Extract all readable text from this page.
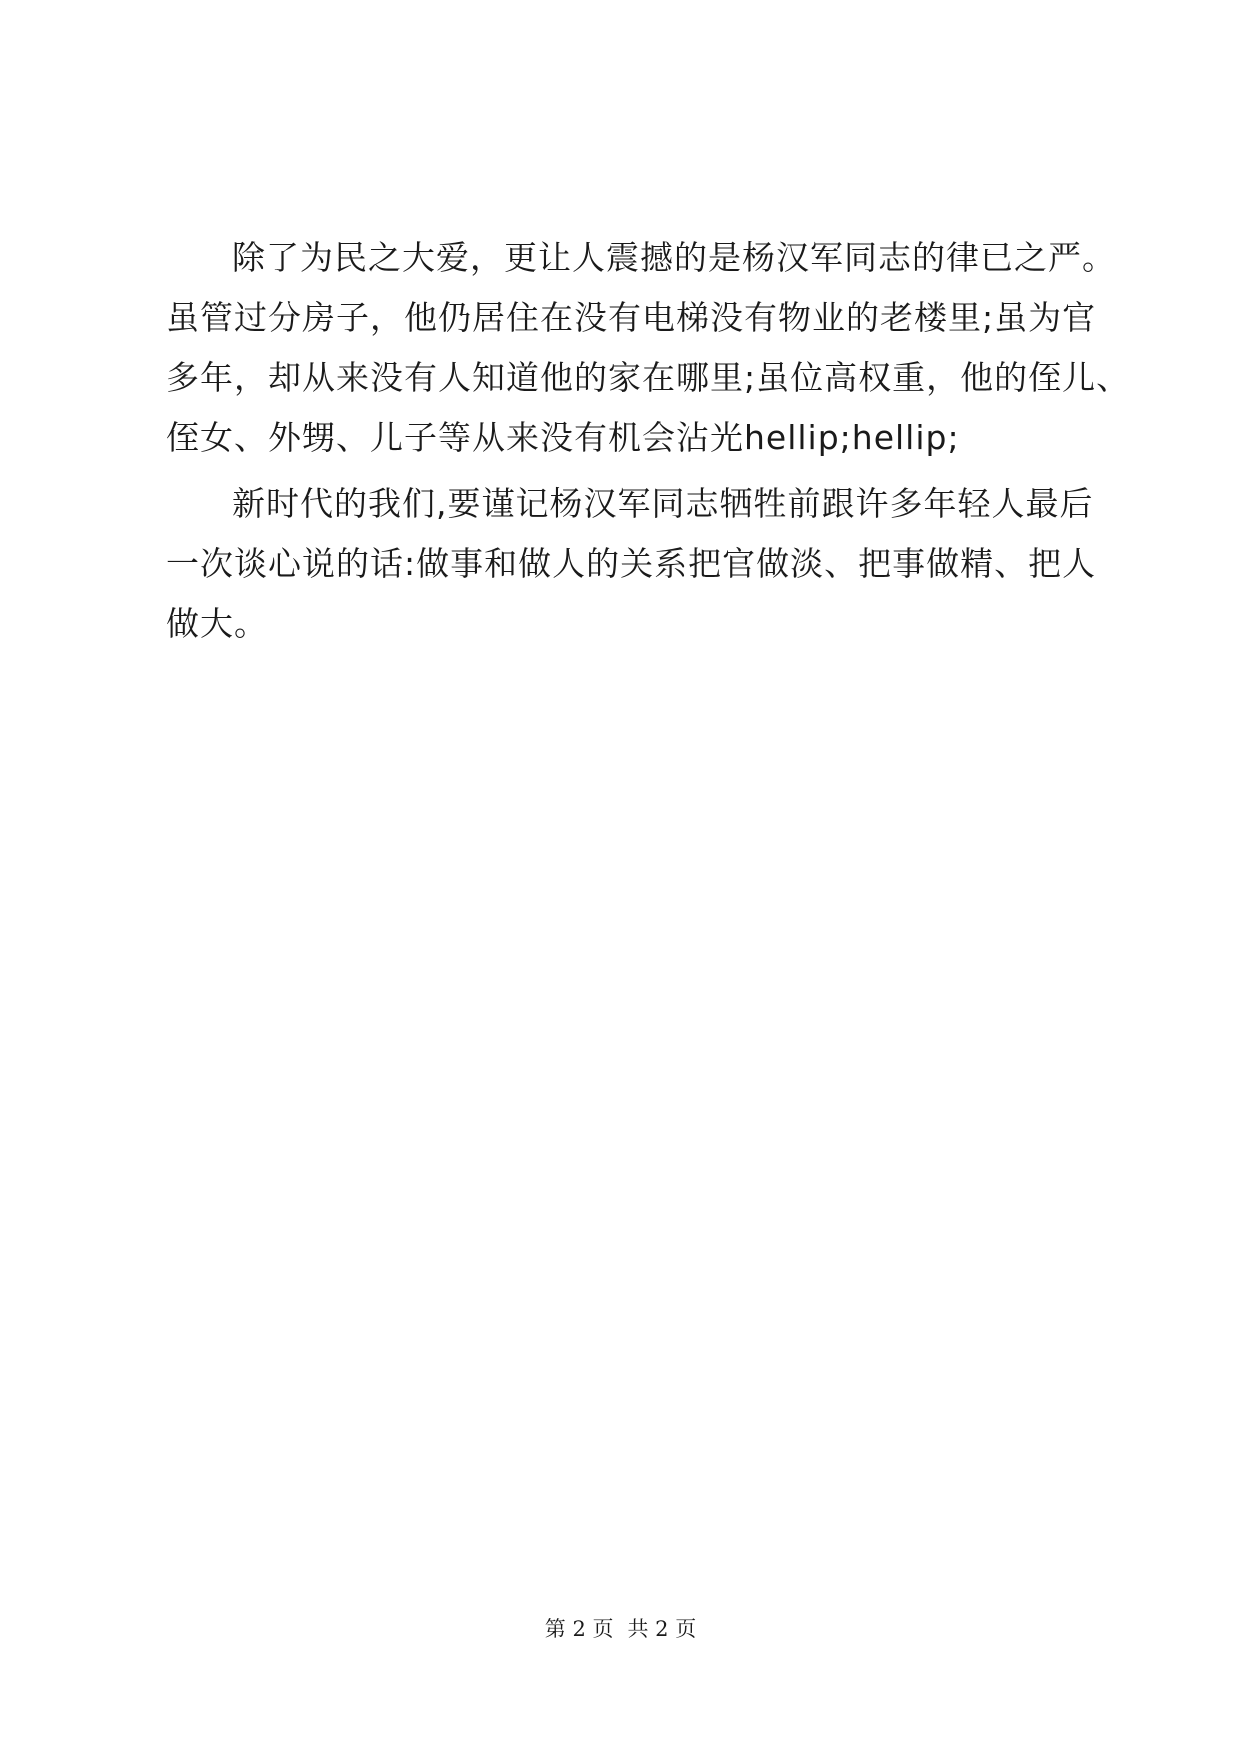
除了为民之大爱，更让人震撼的是杨汉军同志的律已之严。
虽管过分房子，他仍居住在没有电梯没有物业的老楼里;虽为官
多年，却从来没有人知道他的家在哪里;虽位高权重，他的侄儿、
侄女、外甥、儿子等从来没有机会沾光hellip;hellip;
新时代的我们,要谨记杨汉军同志牺牲前跟许多年轻人最后
一次谈心说的话:做事和做人的关系把官做淡、把事做精、把人
做大。
第 2 页 共 2 页
